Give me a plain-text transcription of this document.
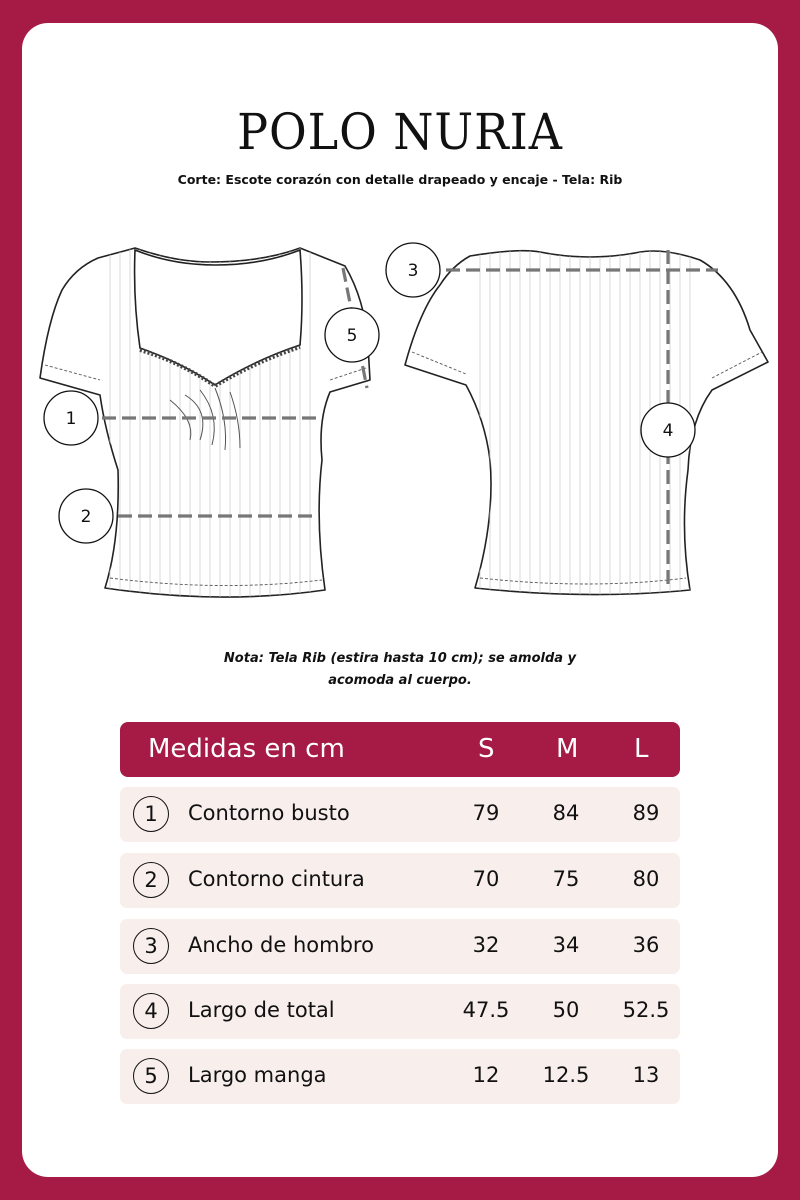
POLO NURIA
Corte: Escote corazón con detalle drapeado y encaje - Tela: Rib
1
2
3
4
5
Nota: Tela Rib (estira hasta 10 cm); se amolda y
acomoda al cuerpo.
Medidas en cm	S M L
1	Contorno busto	79	84	89
2	Contorno cintura	70	75	80
3	Ancho de hombro	32	34	36
4	Largo de total	47.5	50	52.5
5	Largo manga	12	12.5	13
